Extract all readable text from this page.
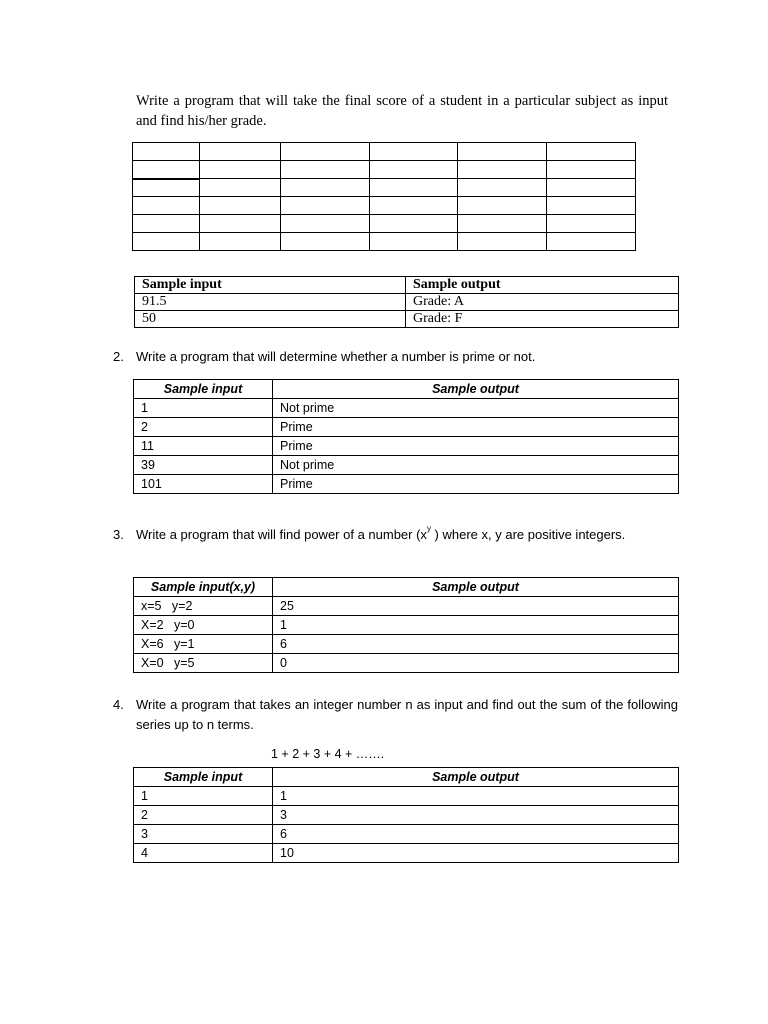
Write a program that will take the final score of a student in a particular subject as input and find his/her grade.

Sample input	Sample output
91.5	Grade: A
50	Grade: F
2. Write a program that will determine whether a number is prime or not.
Sample input	Sample output
1	Not prime
2	Prime
11	Prime
39	Not prime
101	Prime
3. Write a program that will find power of a number ($x^y$ ) where x, y are positive integers.
Sample input(x,y)	Sample output
x=5   y=2	25
X=2   y=0	1
X=6   y=1	6
X=0   y=5	0
4. Write a program that takes an integer number n as input and find out the sum of the following series up to n terms.
1 + 2 + 3 + 4 + …….
Sample input	Sample output
1	1
2	3
3	6
4	10
